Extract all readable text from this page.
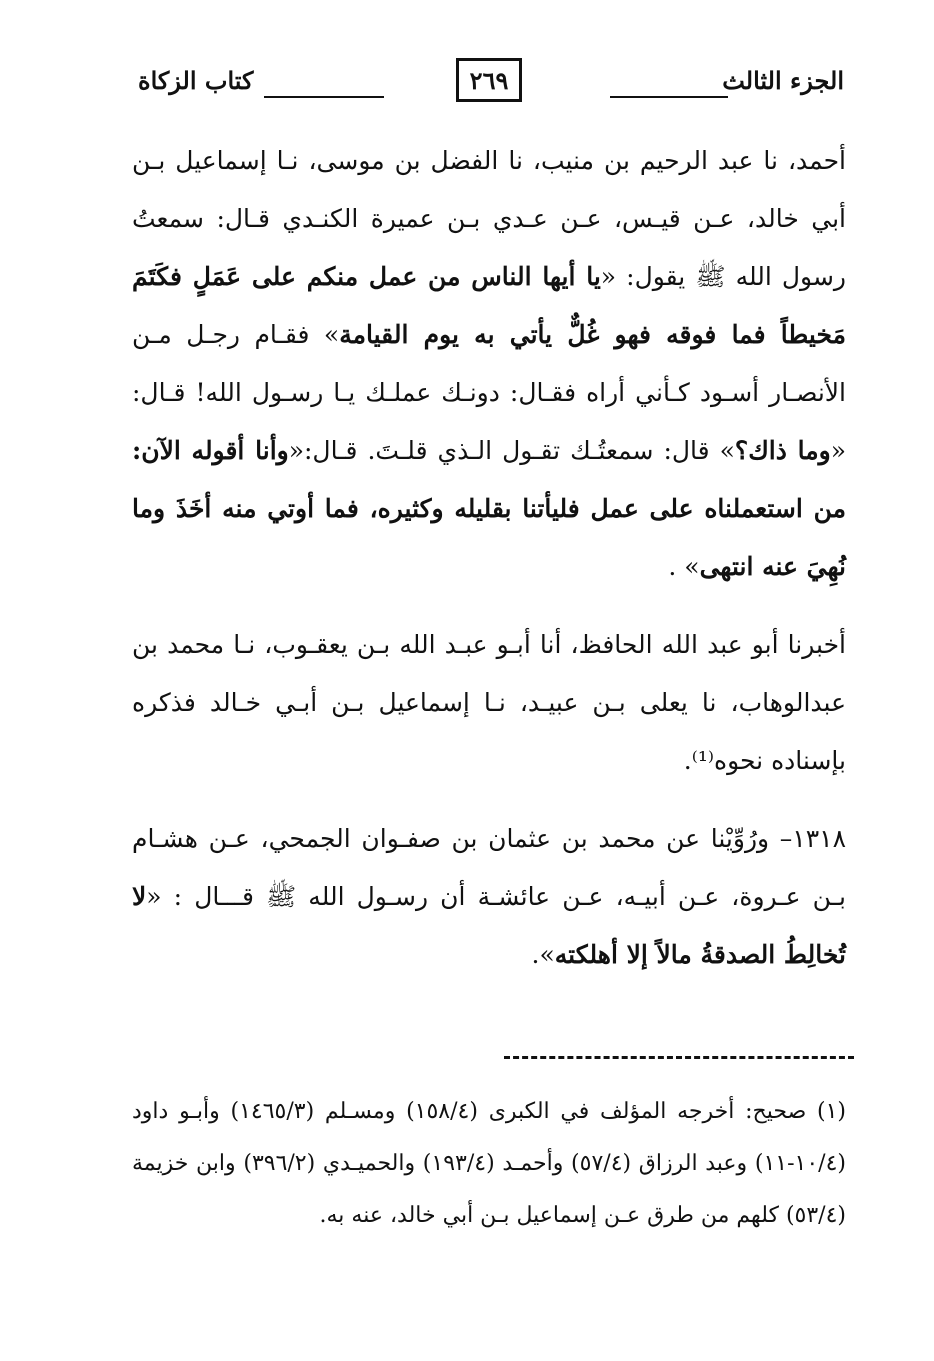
الجزء الثالث
٢٦٩
كتاب الزكاة

أحمد، نا عبد الرحيم بن منيب، نا الفضل بن موسى، نـا إسماعيل بـن أبي خالد، عـن قيـس، عـن عـدي بـن عميرة الكنـدي قـال: سمعتُ رسول الله ﷺ يقول: «يا أيها الناس من عمل منكم على عَمَلٍ فكَتَمَ مَخيطاً فما فوقه فهو غُلٌّ يأتي به يوم القيامة» فقـام رجـل مـن الأنصـار أسـود كـأني أراه فقـال: دونـك عملـك يـا رسـول الله! قـال: «وما ذاك؟» قال: سمعتُـك تقـول الـذي قلـتَ. قـال:«وأنا أقوله الآن: من استعملناه على عمل فليأتنا بقليله وكثيره، فما أوتي منه أخَذَ وما نُهِيَ عنه انتهى» .

أخبرنا أبو عبد الله الحافظ، أنا أبـو عبـد الله بـن يعقـوب، نـا محمد بن عبدالوهاب، نا يعلى بـن عبيـد، نـا إسماعيل بـن أبـي خـالد فذكره بإسناده نحوه⁽¹⁾.

١٣١٨– ورُوِّيْنا عن محمد بن عثمان بن صفـوان الجمحي، عـن هشـام بـن عـروة، عـن أبيـه، عـن عائشـة أن رسـول الله ﷺ قـــال : «لا تُخالِطُ الصدقةُ مالاً إلا أهلكته».

(١) صحيح: أخرجه المؤلف في الكبرى (١٥٨/٤) ومسـلم (١٤٦٥/٣) وأبـو داود (١٠/٤-١١) وعبد الرزاق (٥٧/٤) وأحمـد (١٩٣/٤) والحميـدي (٣٩٦/٢) وابن خزيمة (٥٣/٤) كلهم من طرق عـن إسماعيل بـن أبي خالد، عنه به.
